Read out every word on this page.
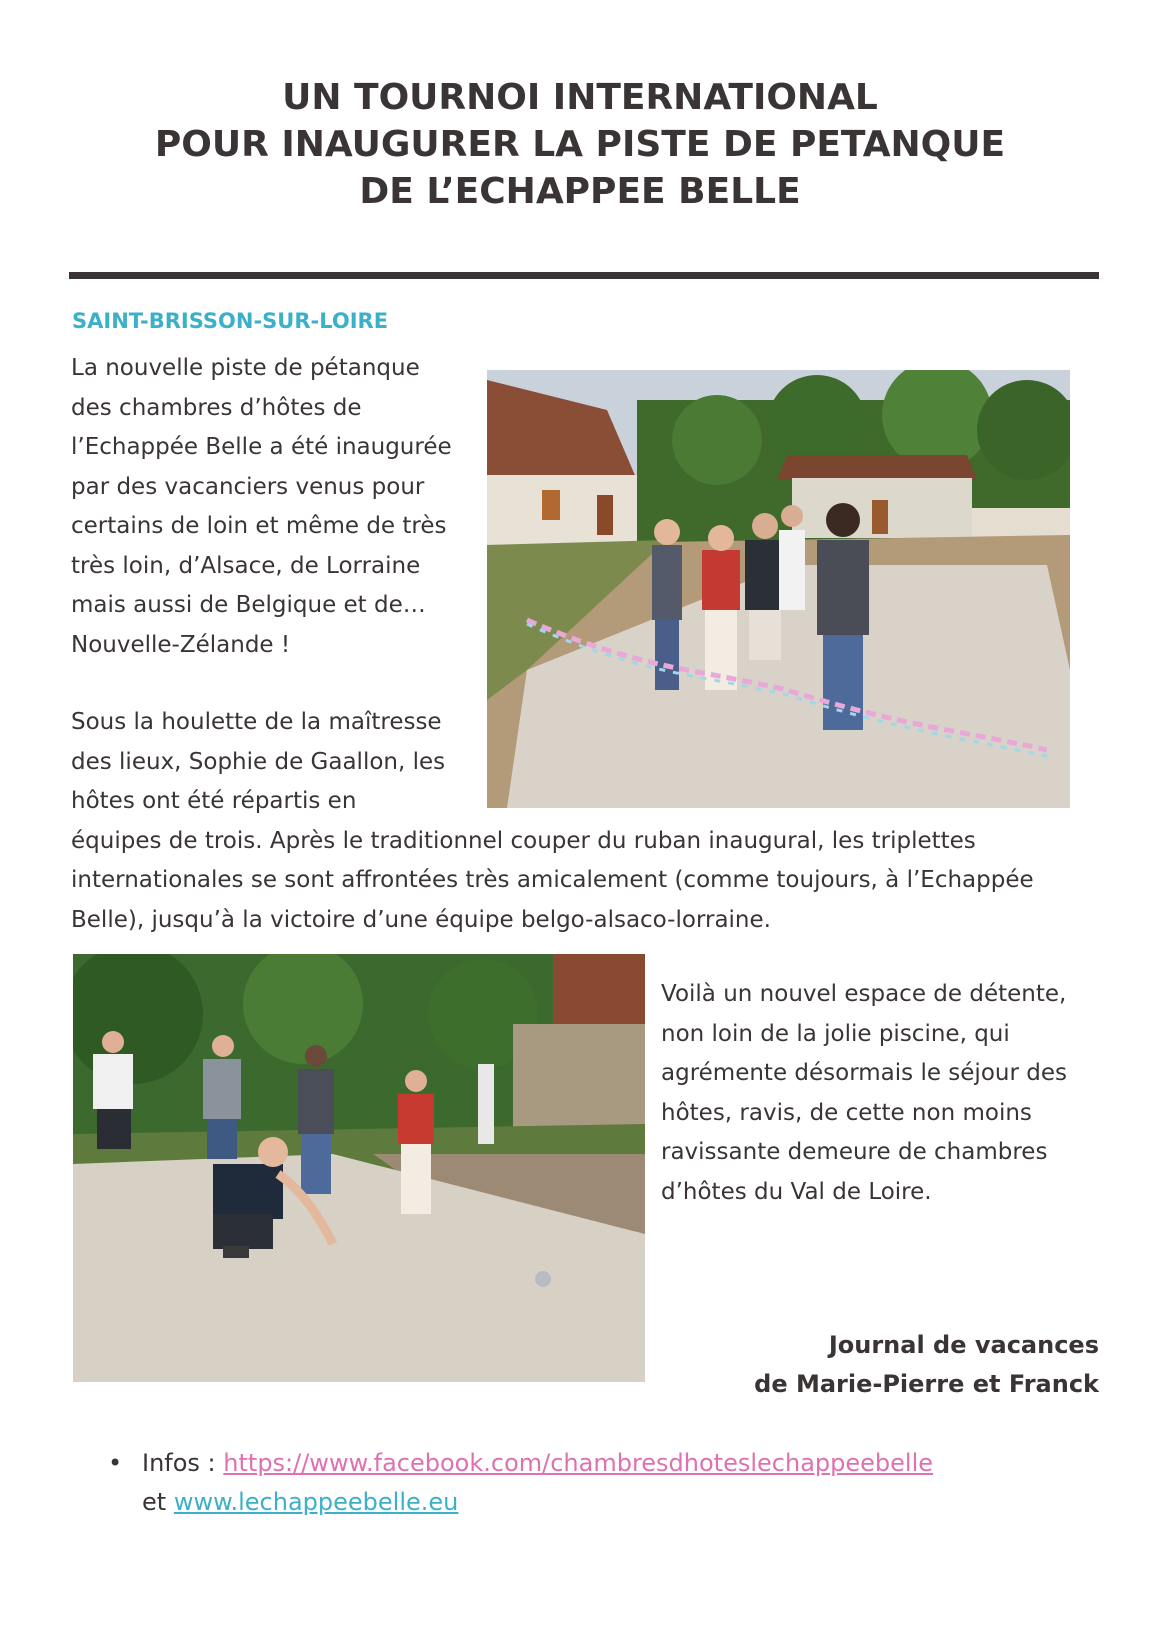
UN TOURNOI INTERNATIONAL
POUR INAUGURER LA PISTE DE PETANQUE
DE L’ECHAPPEE BELLE
SAINT-BRISSON-SUR-LOIRE
La nouvelle piste de pétanque
des chambres d’hôtes de
l’Echappée Belle a été inaugurée
par des vacanciers venus pour
certains de loin et même de très
très loin, d’Alsace, de Lorraine
mais aussi de Belgique et de…
Nouvelle-Zélande !
Sous la houlette de la maîtresse
des lieux, Sophie de Gaallon, les
hôtes ont été répartis en
équipes de trois. Après le traditionnel couper du ruban inaugural, les triplettes
internationales se sont affrontées très amicalement (comme toujours, à l’Echappée
Belle), jusqu’à la victoire d’une équipe belgo-alsaco-lorraine.
Voilà un nouvel espace de détente,
non loin de la jolie piscine, qui
agrémente désormais le séjour des
hôtes, ravis, de cette non moins
ravissante demeure de chambres
d’hôtes du Val de Loire.
Journal de vacances
de Marie-Pierre et Franck
• Infos : https://www.facebook.com/chambresdhoteslechappeebelle
et www.lechappeebelle.eu
